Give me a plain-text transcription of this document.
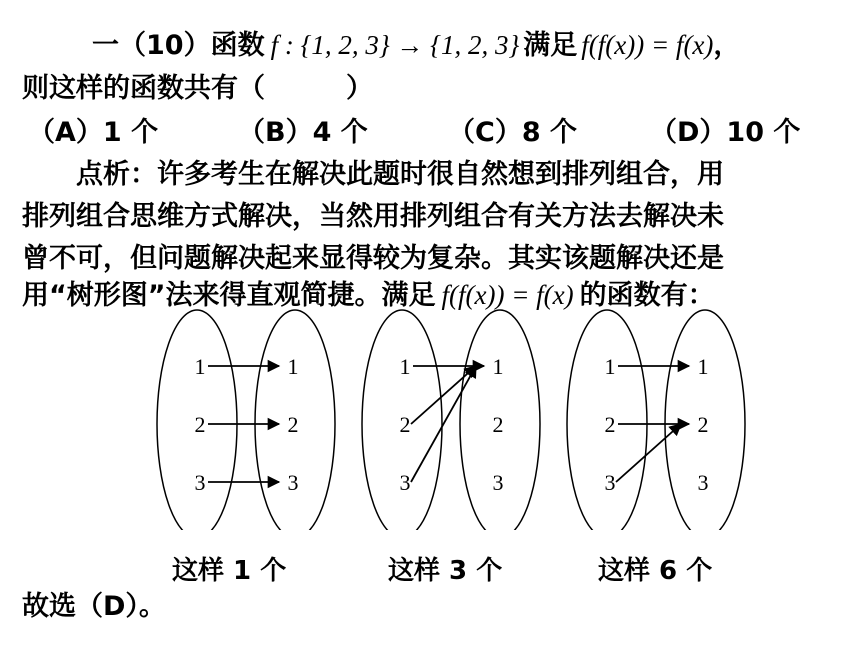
一（10）函数 f : {1, 2, 3} → {1, 2, 3} 满足 f(f(x)) = f(x)，
则这样的函数共有（　　　）
（A）1 个	（B）4 个	（C）8 个	（D）10 个
点析：许多考生在解决此题时很自然想到排列组合，用
排列组合思维方式解决，当然用排列组合有关方法去解决未
曾不可，但问题解决起来显得较为复杂。其实该题解决还是
用“树形图”法来得直观简捷。满足 f(f(x)) = f(x) 的函数有：
1
2
3
1
2
3
1
2
3
1
2
3
1
2
3
1
2
3
这样 1 个	这样 3 个	这样 6 个
故选（D）。
